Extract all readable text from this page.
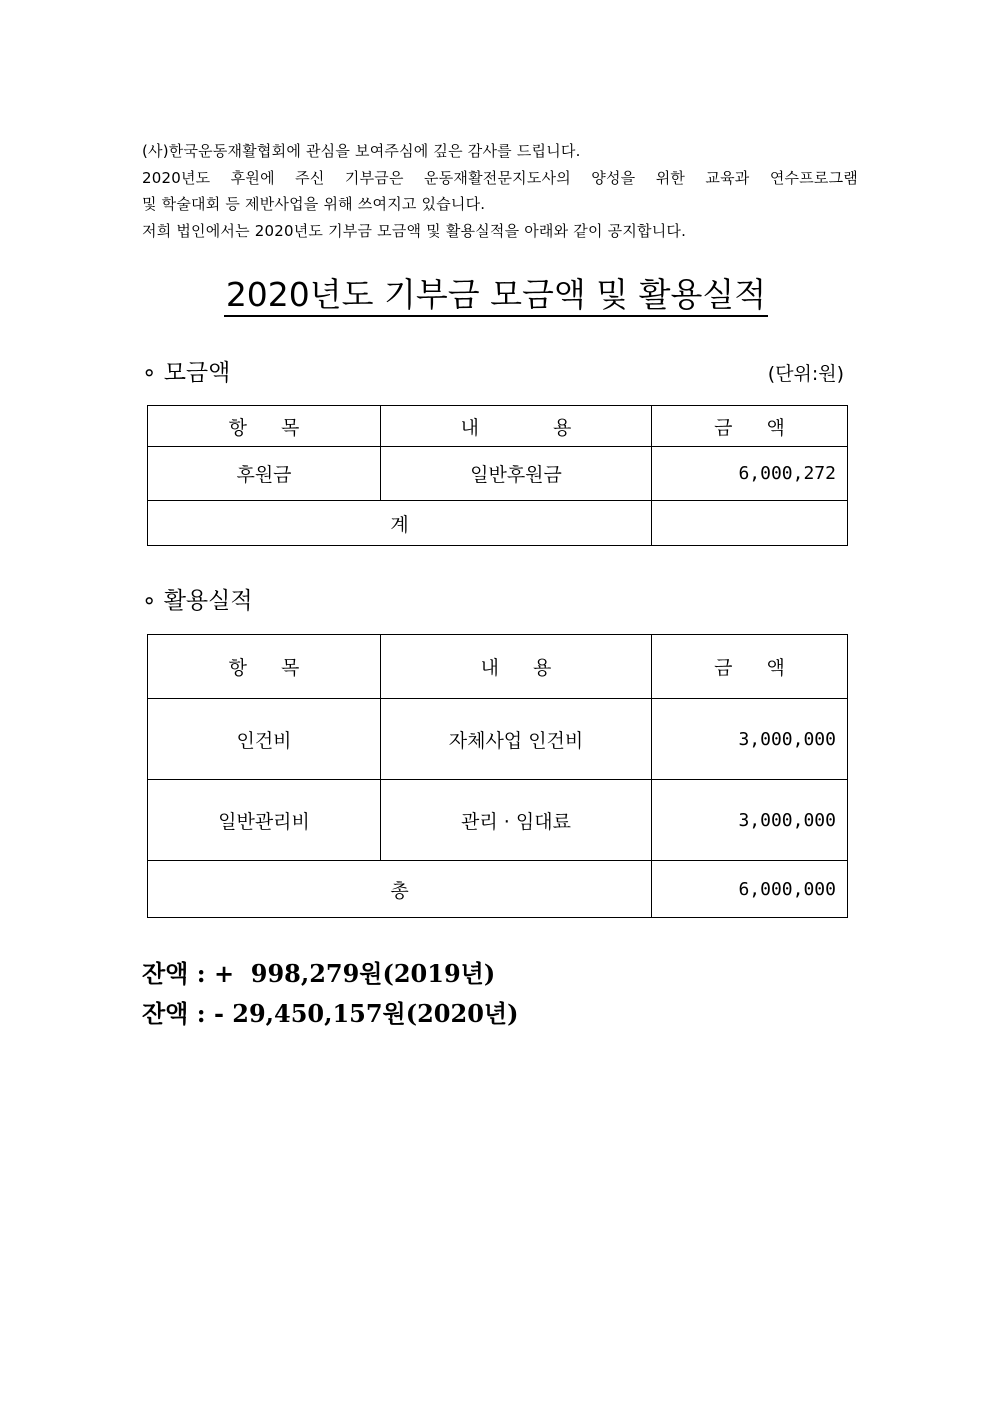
(사)한국운동재활협회에 관심을 보여주심에 깊은 감사를 드립니다.

2020년도 후원에 주신 기부금은 운동재활전문지도사의 양성을 위한 교육과 연수프로그램

및 학술대회 등 제반사업을 위해 쓰여지고 있습니다.

저희 법인에서는 2020년도 기부금 모금액 및 활용실적을 아래와 같이 공지합니다.

2020년도 기부금 모금액 및 활용실적
∘ 모금액	(단위:원)
항 목	내 용	금 액
후원금	일반후원금	6,000,272
계		
∘ 활용실적
항 목	내 용	금 액
인건비	자체사업 인건비	3,000,000
일반관리비	관리 · 임대료	3,000,000
총		6,000,000
잔액 : +  998,279원(2019년)
잔액 : - 29,450,157원(2020년)
